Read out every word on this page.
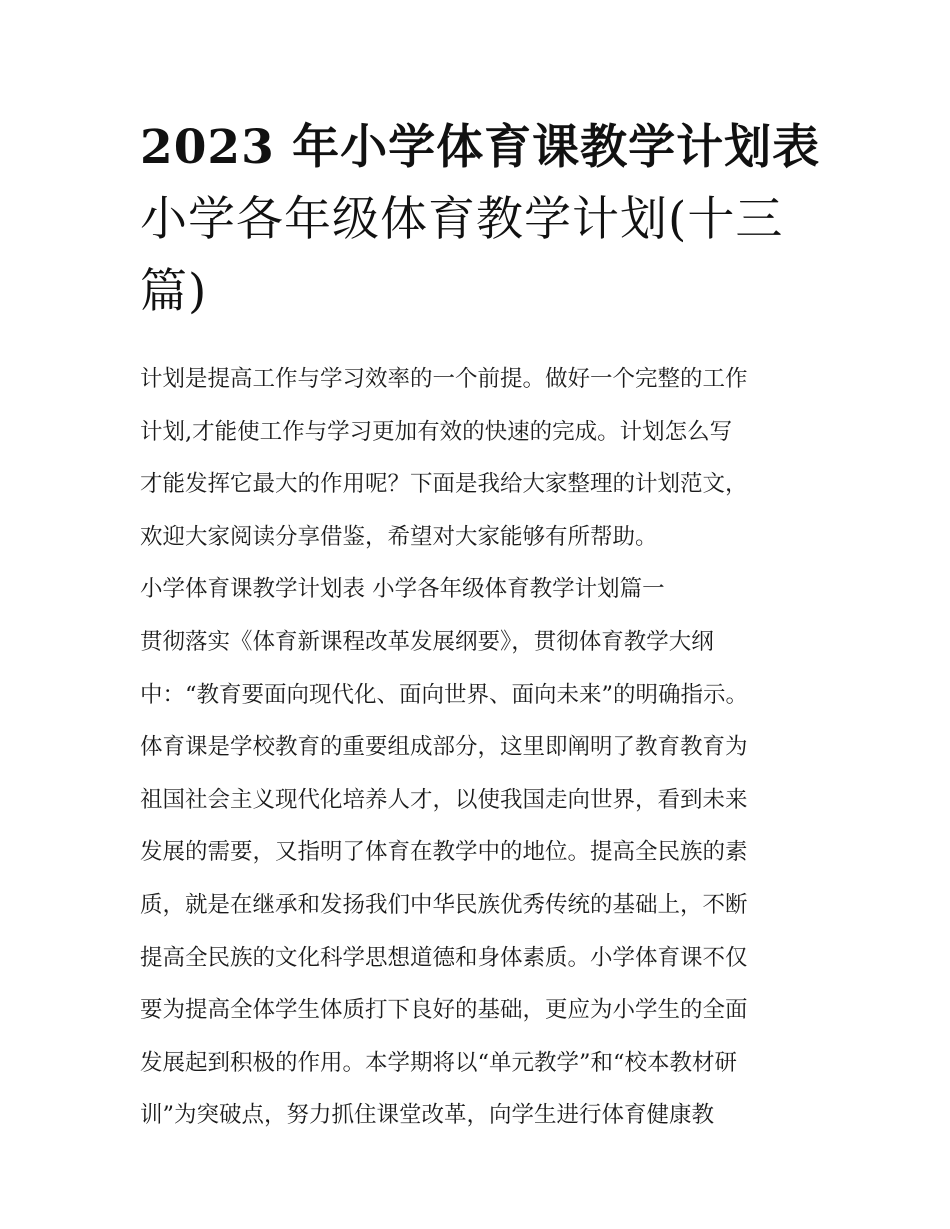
2023 年小学体育课教学计划表
小学各年级体育教学计划(十三
篇)
计划是提高工作与学习效率的一个前提。做好一个完整的工作
计划,才能使工作与学习更加有效的快速的完成。计划怎么写
才能发挥它最大的作用呢？下面是我给大家整理的计划范文，
欢迎大家阅读分享借鉴，希望对大家能够有所帮助。
小学体育课教学计划表 小学各年级体育教学计划篇一
贯彻落实《体育新课程改革发展纲要》，贯彻体育教学大纲
中：“教育要面向现代化、面向世界、面向未来”的明确指示。
体育课是学校教育的重要组成部分，这里即阐明了教育教育为
祖国社会主义现代化培养人才，以使我国走向世界，看到未来
发展的需要，又指明了体育在教学中的地位。提高全民族的素
质，就是在继承和发扬我们中华民族优秀传统的基础上，不断
提高全民族的文化科学思想道德和身体素质。小学体育课不仅
要为提高全体学生体质打下良好的基础，更应为小学生的全面
发展起到积极的作用。本学期将以“单元教学”和“校本教材研
训”为突破点，努力抓住课堂改革，向学生进行体育健康教
